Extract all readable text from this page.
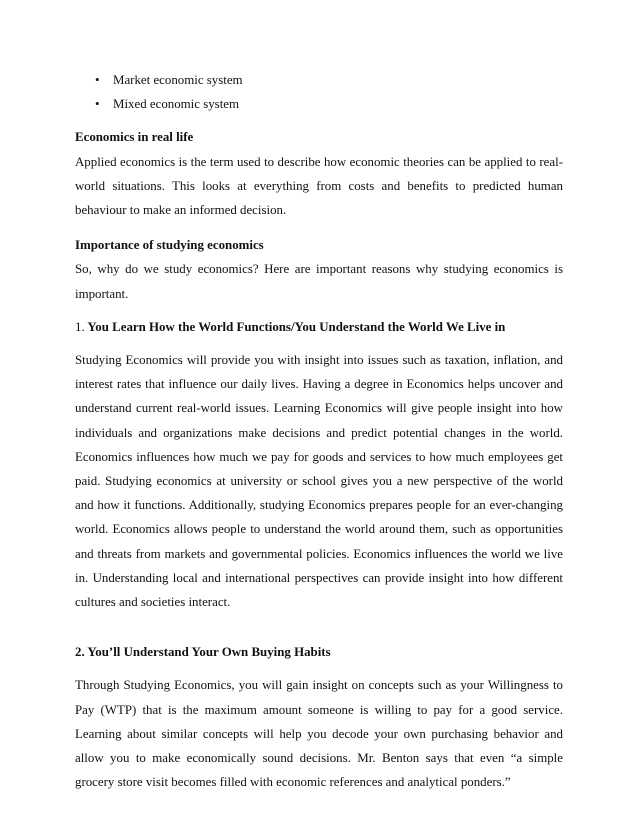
• Market economic system
• Mixed economic system

Economics in real life

Applied economics is the term used to describe how economic theories can be applied to real-world situations. This looks at everything from costs and benefits to predicted human behaviour to make an informed decision.

Importance of studying economics

So, why do we study economics? Here are important reasons why studying economics is important.

1. You Learn How the World Functions/You Understand the World We Live in

Studying Economics will provide you with insight into issues such as taxation, inflation, and interest rates that influence our daily lives. Having a degree in Economics helps uncover and understand current real-world issues. Learning Economics will give people insight into how individuals and organizations make decisions and predict potential changes in the world. Economics influences how much we pay for goods and services to how much employees get paid. Studying economics at university or school gives you a new perspective of the world and how it functions. Additionally, studying Economics prepares people for an ever-changing world. Economics allows people to understand the world around them, such as opportunities and threats from markets and governmental policies. Economics influences the world we live in. Understanding local and international perspectives can provide insight into how different cultures and societies interact.

2. You’ll Understand Your Own Buying Habits

Through Studying Economics, you will gain insight on concepts such as your Willingness to Pay (WTP) that is the maximum amount someone is willing to pay for a good service. Learning about similar concepts will help you decode your own purchasing behavior and allow you to make economically sound decisions. Mr. Benton says that even “a simple grocery store visit becomes filled with economic references and analytical ponders.”
